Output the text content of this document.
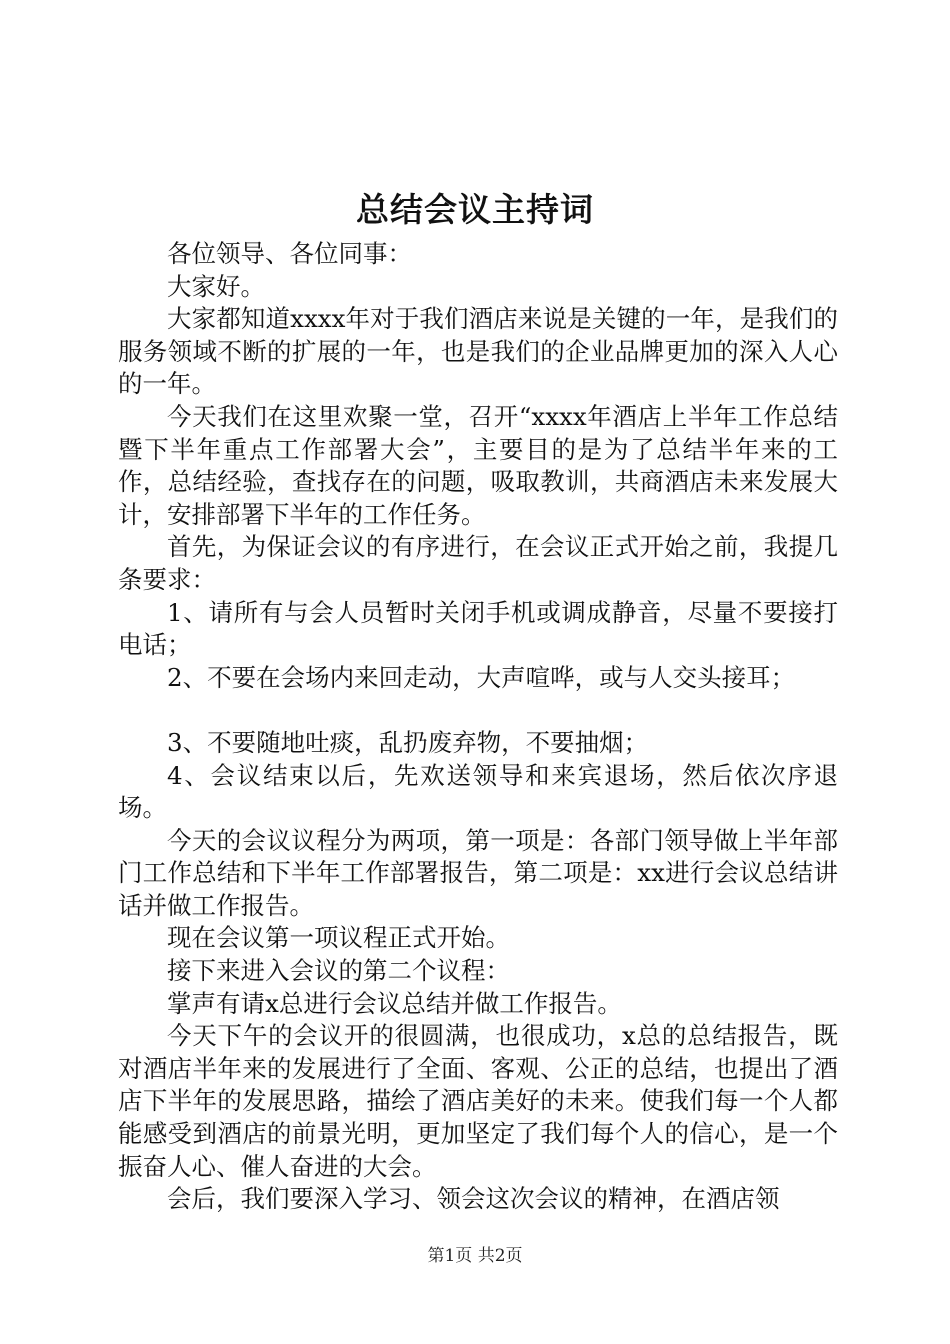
总结会议主持词

各位领导、各位同事：

大家好。

大家都知道xxxx年对于我们酒店来说是关键的一年，是我们的服务领域不断的扩展的一年，也是我们的企业品牌更加的深入人心的一年。

今天我们在这里欢聚一堂，召开“xxxx年酒店上半年工作总结暨下半年重点工作部署大会”，主要目的是为了总结半年来的工作，总结经验，查找存在的问题，吸取教训，共商酒店未来发展大计，安排部署下半年的工作任务。

首先，为保证会议的有序进行，在会议正式开始之前，我提几条要求：

1、请所有与会人员暂时关闭手机或调成静音，尽量不要接打电话；

2、不要在会场内来回走动，大声喧哗，或与人交头接耳；

3、不要随地吐痰，乱扔废弃物，不要抽烟；

4、会议结束以后，先欢送领导和来宾退场，然后依次序退场。

今天的会议议程分为两项，第一项是：各部门领导做上半年部门工作总结和下半年工作部署报告，第二项是：xx进行会议总结讲话并做工作报告。

现在会议第一项议程正式开始。

接下来进入会议的第二个议程：

掌声有请x总进行会议总结并做工作报告。

今天下午的会议开的很圆满，也很成功，x总的总结报告，既对酒店半年来的发展进行了全面、客观、公正的总结，也提出了酒店下半年的发展思路，描绘了酒店美好的未来。使我们每一个人都能感受到酒店的前景光明，更加坚定了我们每个人的信心，是一个振奋人心、催人奋进的大会。

会后，我们要深入学习、领会这次会议的精神，在酒店领

第1页 共2页
